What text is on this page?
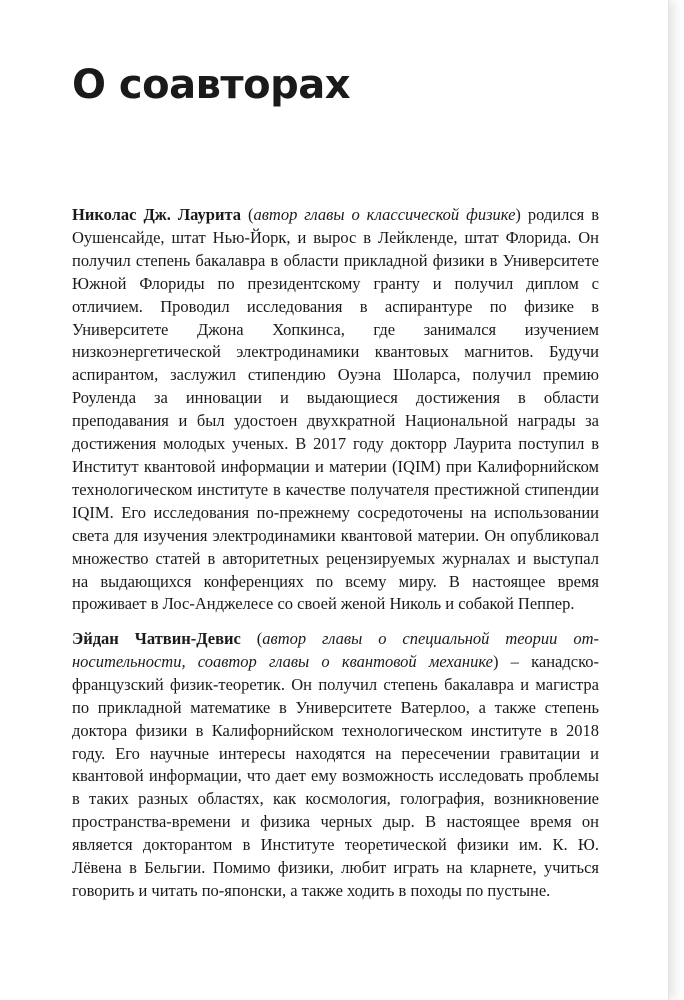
О соавторах

Николас Дж. Лаурита (автор главы о классической физике) родился в Оушенсайде, штат Нью-Йорк, и вырос в Лейкленде, штат Флорида. Он получил степень бакалавра в области прикладной физики в Университете Южной Флориды по президентскому гранту и получил диплом с отличием. Проводил исследования в аспирантуре по физике в Университете Джона Хопкинса, где занимался изучением низкоэнергетической электродинамики квантовых магнитов. Будучи аспирантом, заслужил стипендию Оуэна Шоларса, получил премию Роуленда за инновации и выдающиеся достижения в области преподавания и был удостоен двухкратной Национальной награды за достижения молодых ученых. В 2017 году докторр Лаурита поступил в Институт квантовой информации и материи (IQIM) при Калифорнийском технологическом институте в качестве получателя престижной стипендии IQIM. Его исследования по-прежнему сосредоточены на использовании света для изучения электродинамики квантовой материи. Он опубликовал множество статей в авторитетных рецензируемых журналах и выступал на выдающихся конференциях по всему миру. В настоящее время проживает в Лос-Анджелесе со своей женой Николь и собакой Пеппер.

Эйдан Чатвин-Девис (автор главы о специальной теории относительности, соавтор главы о квантовой механике) – канадско-французский физик-теоретик. Он получил степень бакалавра и магистра по прикладной математике в Университете Ватерлоо, а также степень доктора физики в Калифорнийском технологическом институте в 2018 году. Его научные интересы находятся на пересечении гравитации и квантовой информации, что дает ему возможность исследовать проблемы в таких разных областях, как космология, голография, возникновение пространства-времени и физика черных дыр. В настоящее время он является докторантом в Институте теоретической физики им. К. Ю. Лёвена в Бельгии. Помимо физики, любит играть на кларнете, учиться говорить и читать по-японски, а также ходить в походы по пустыне.
